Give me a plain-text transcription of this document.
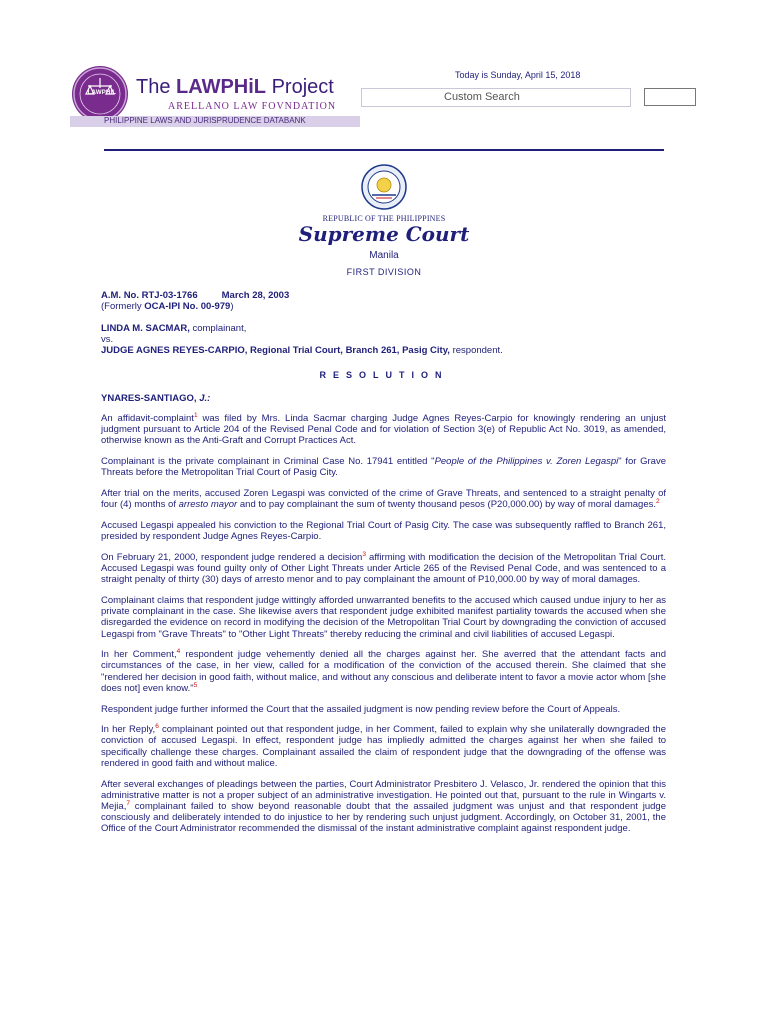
LAWPHIL The LAWPHiL Project
ARELLANO LAW FOVNDATION
PHILIPPINE LAWS AND JURISPRUDENCE DATABANK
Today is Sunday, April 15, 2018
Custom Search
REPUBLIC OF THE PHILIPPINES
Supreme Court
Manila
FIRST DIVISION
A.M. No. RTJ-03-1766	March 28, 2003
(Formerly OCA-IPI No. 00-979)
LINDA M. SACMAR, complainant,
vs.
JUDGE AGNES REYES-CARPIO, Regional Trial Court, Branch 261, Pasig City, respondent.
RESOLUTION
YNARES-SANTIAGO, J.:

An affidavit-complaint$^1$ was filed by Mrs. Linda Sacmar charging Judge Agnes Reyes-Carpio for knowingly rendering an unjust judgment pursuant to Article 204 of the Revised Penal Code and for violation of Section 3(e) of Republic Act No. 3019, as amended, otherwise known as the Anti-Graft and Corrupt Practices Act.

Complainant is the private complainant in Criminal Case No. 17941 entitled "People of the Philippines v. Zoren Legaspi" for Grave Threats before the Metropolitan Trial Court of Pasig City.

After trial on the merits, accused Zoren Legaspi was convicted of the crime of Grave Threats, and sentenced to a straight penalty of four (4) months of arresto mayor and to pay complainant the sum of twenty thousand pesos (P20,000.00) by way of moral damages.$^2$

Accused Legaspi appealed his conviction to the Regional Trial Court of Pasig City. The case was subsequently raffled to Branch 261, presided by respondent Judge Agnes Reyes-Carpio.

On February 21, 2000, respondent judge rendered a decision$^3$ affirming with modification the decision of the Metropolitan Trial Court. Accused Legaspi was found guilty only of Other Light Threats under Article 265 of the Revised Penal Code, and was sentenced to a straight penalty of thirty (30) days of arresto menor and to pay complainant the amount of P10,000.00 by way of moral damages.

Complainant claims that respondent judge wittingly afforded unwarranted benefits to the accused which caused undue injury to her as private complainant in the case. She likewise avers that respondent judge exhibited manifest partiality towards the accused when she disregarded the evidence on record in modifying the decision of the Metropolitan Trial Court by downgrading the conviction of accused Legaspi from "Grave Threats" to "Other Light Threats" thereby reducing the criminal and civil liabilities of accused Legaspi.

In her Comment,$^4$ respondent judge vehemently denied all the charges against her. She averred that the attendant facts and circumstances of the case, in her view, called for a modification of the conviction of the accused therein. She claimed that she "rendered her decision in good faith, without malice, and without any conscious and deliberate intent to favor a movie actor whom [she does not] even know."$^5$

Respondent judge further informed the Court that the assailed judgment is now pending review before the Court of Appeals.

In her Reply,$^6$ complainant pointed out that respondent judge, in her Comment, failed to explain why she unilaterally downgraded the conviction of accused Legaspi. In effect, respondent judge has impliedly admitted the charges against her when she failed to specifically challenge these charges. Complainant assailed the claim of respondent judge that the downgrading of the offense was rendered in good faith and without malice.

After several exchanges of pleadings between the parties, Court Administrator Presbitero J. Velasco, Jr. rendered the opinion that this administrative matter is not a proper subject of an administrative investigation. He pointed out that, pursuant to the rule in Wingarts v. Mejia,$^7$ complainant failed to show beyond reasonable doubt that the assailed judgment was unjust and that respondent judge consciously and deliberately intended to do injustice to her by rendering such unjust judgment. Accordingly, on October 31, 2001, the Office of the Court Administrator recommended the dismissal of the instant administrative complaint against respondent judge.
